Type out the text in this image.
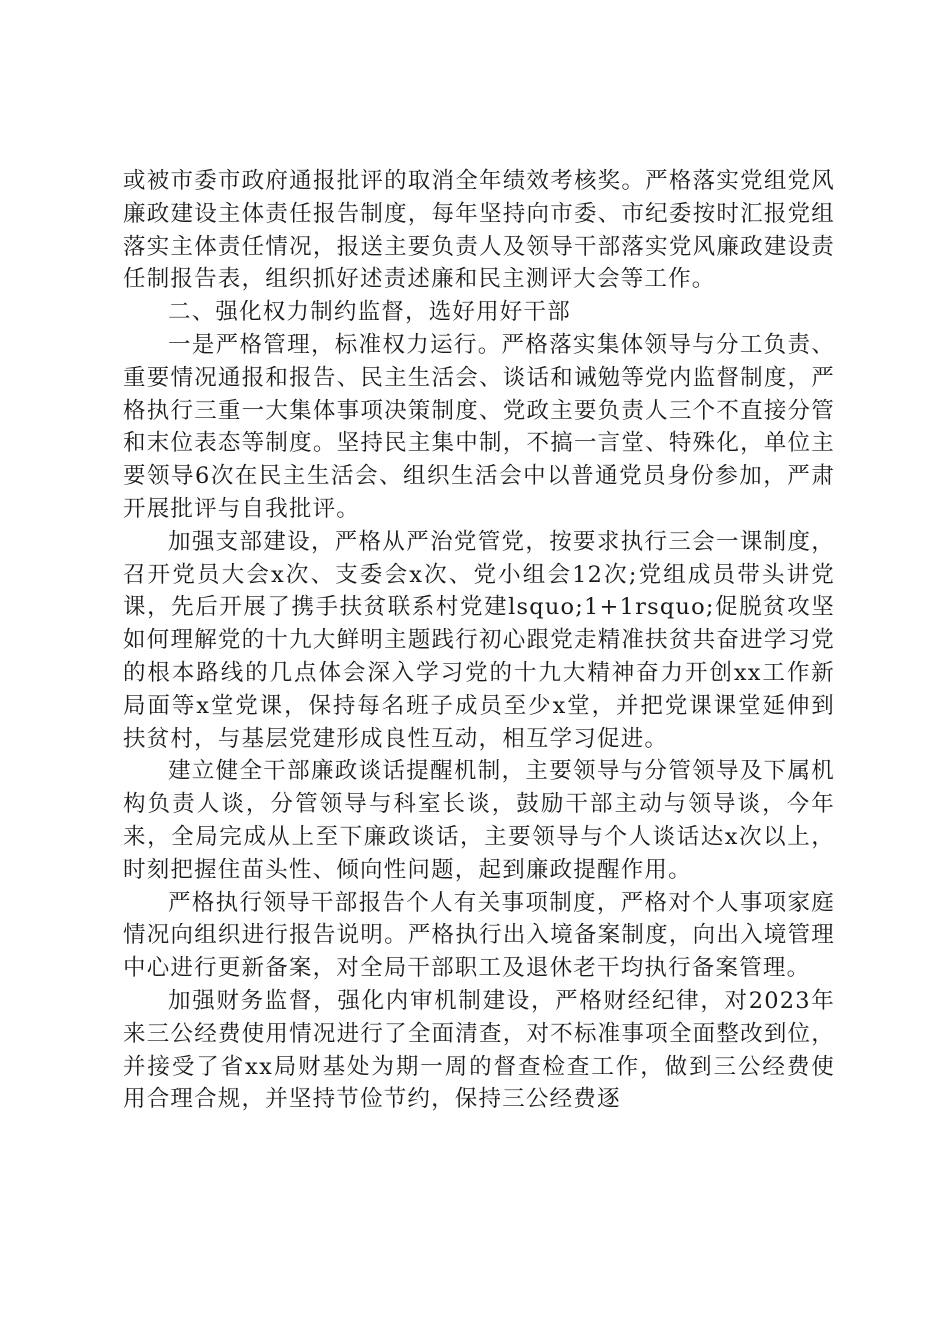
或被市委市政府通报批评的取消全年绩效考核奖。严格落实党组党风廉政建设主体责任报告制度，每年坚持向市委、市纪委按时汇报党组落实主体责任情况，报送主要负责人及领导干部落实党风廉政建设责任制报告表，组织抓好述责述廉和民主测评大会等工作。

二、强化权力制约监督，选好用好干部

一是严格管理，标准权力运行。严格落实集体领导与分工负责、重要情况通报和报告、民主生活会、谈话和诫勉等党内监督制度，严格执行三重一大集体事项决策制度、党政主要负责人三个不直接分管和末位表态等制度。坚持民主集中制，不搞一言堂、特殊化，单位主要领导6次在民主生活会、组织生活会中以普通党员身份参加，严肃开展批评与自我批评。

加强支部建设，严格从严治党管党，按要求执行三会一课制度，召开党员大会x次、支委会x次、党小组会12次;党组成员带头讲党课，先后开展了携手扶贫联系村党建lsquo;1+1rsquo;促脱贫攻坚如何理解党的十九大鲜明主题践行初心跟党走精准扶贫共奋进学习党的根本路线的几点体会深入学习党的十九大精神奋力开创xx工作新局面等x堂党课，保持每名班子成员至少x堂，并把党课课堂延伸到扶贫村，与基层党建形成良性互动，相互学习促进。

建立健全干部廉政谈话提醒机制，主要领导与分管领导及下属机构负责人谈，分管领导与科室长谈，鼓励干部主动与领导谈，今年来，全局完成从上至下廉政谈话，主要领导与个人谈话达x次以上，时刻把握住苗头性、倾向性问题，起到廉政提醒作用。

严格执行领导干部报告个人有关事项制度，严格对个人事项家庭情况向组织进行报告说明。严格执行出入境备案制度，向出入境管理中心进行更新备案，对全局干部职工及退休老干均执行备案管理。

加强财务监督，强化内审机制建设，严格财经纪律，对2023年来三公经费使用情况进行了全面清查，对不标准事项全面整改到位，并接受了省xx局财基处为期一周的督查检查工作，做到三公经费使用合理合规，并坚持节俭节约，保持三公经费逐
